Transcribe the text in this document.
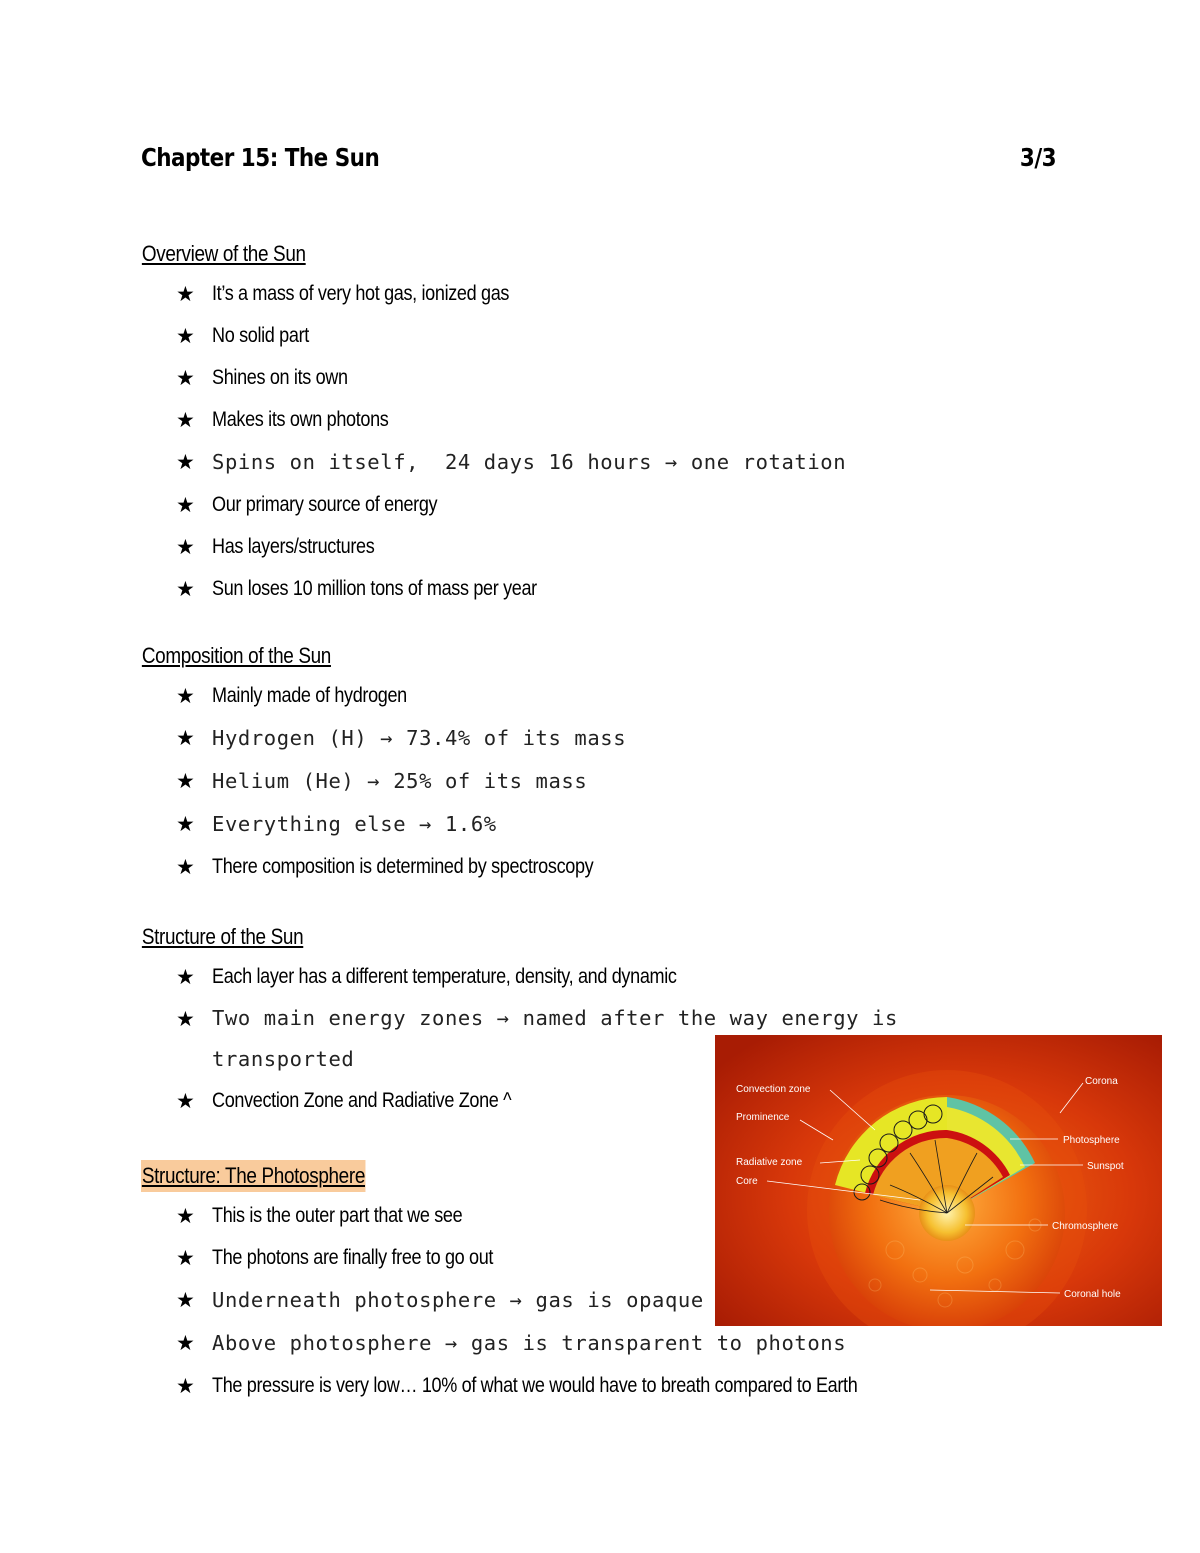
Chapter 15: The Sun	3/3
Overview of the Sun
★ It’s a mass of very hot gas, ionized gas
★ No solid part
★ Shines on its own
★ Makes its own photons
★ Spins on itself,  24 days 16 hours → one rotation
★ Our primary source of energy
★ Has layers/structures
★ Sun loses 10 million tons of mass per year
Composition of the Sun
★ Mainly made of hydrogen
★ Hydrogen (H) → 73.4% of its mass
★ Helium (He) → 25% of its mass
★ Everything else → 1.6%
★ There composition is determined by spectroscopy
Structure of the Sun
★ Each layer has a different temperature, density, and dynamic
★ Two main energy zones → named after the way energy is transported
★ Convection Zone and Radiative Zone ^
Structure: The Photosphere
★ This is the outer part that we see
★ The photons are finally free to go out
★ Underneath photosphere → gas is opaque
★ Above photosphere → gas is transparent to photons
★ The pressure is very low… 10% of what we would have to breath compared to Earth
Convection zone
Prominence
Radiative zone
Core
Corona
Photosphere
Sunspot
Chromosphere
Coronal hole
